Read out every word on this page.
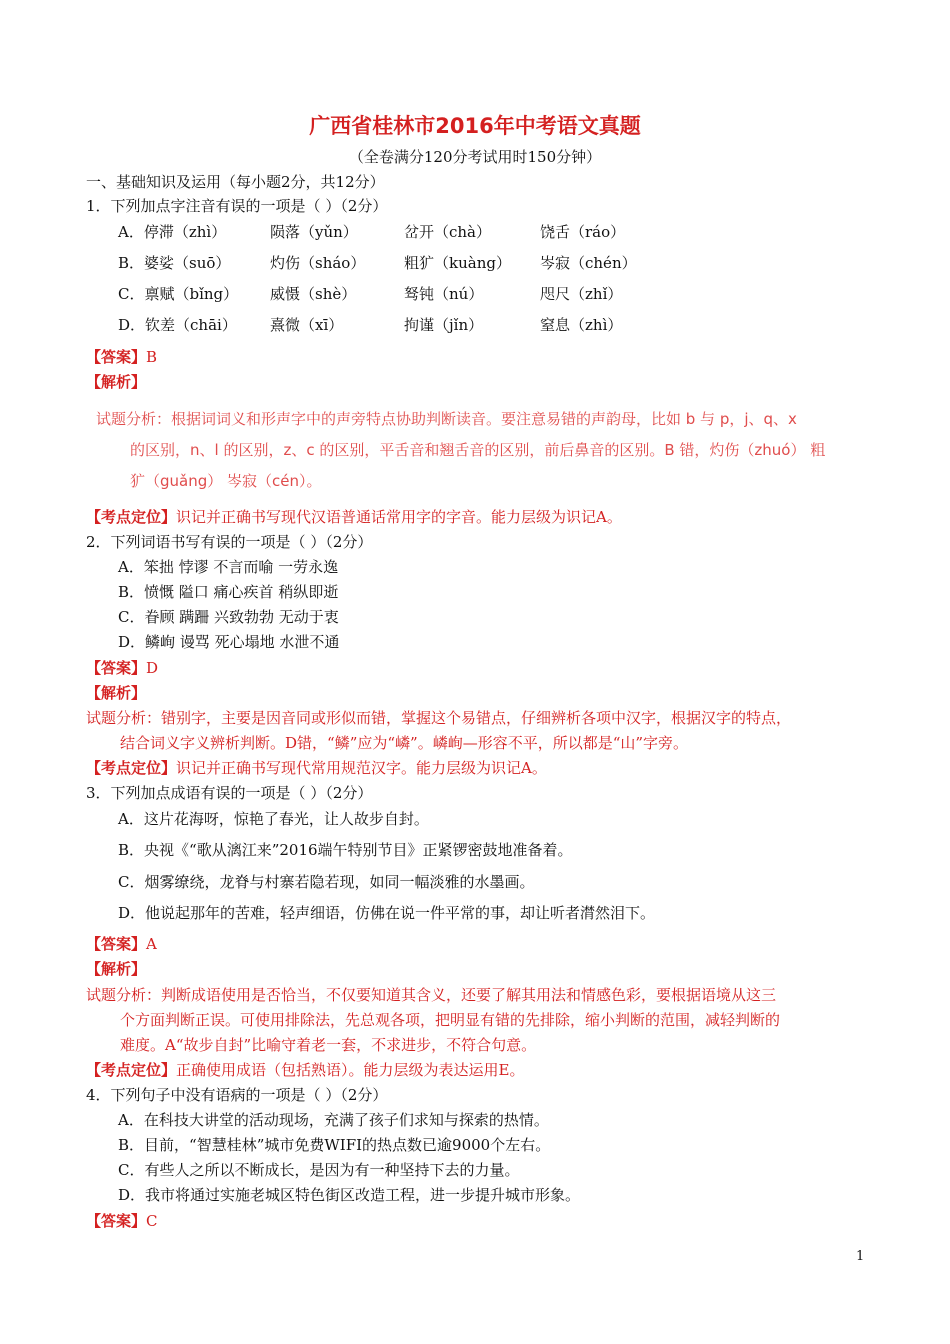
广西省桂林市2016年中考语文真题
（全卷满分120分考试用时150分钟）
一、基础知识及运用（每小题2分，共12分）
1．下列加点字注音有误的一项是（ ）（2分）
A．停滞（zhì）	陨落（yǔn）	岔开（chà）	饶舌（ráo）
B．婆娑（suō）	灼伤（sháo）	粗犷（kuàng） 岑寂（chén）
C．禀赋（bǐng） 威慑（shè）	驽钝（nú）	咫尺（zhǐ）
D．钦差（chāi） 熹微（xī）	拘谨（jǐn）	窒息（zhì）
【答案】B
【解析】
试题分析：根据词词义和形声字中的声旁特点协助判断读音。要注意易错的声韵母，比如 b 与 p，j、q、x
的区别，n、l 的区别，z、c 的区别，平舌音和翘舌音的区别，前后鼻音的区别。B 错，灼伤（zhuó） 粗
犷（guǎng） 岑寂（cén）。
【考点定位】识记并正确书写现代汉语普通话常用字的字音。能力层级为识记A。
2．下列词语书写有误的一项是（ ）（2分）
A．笨拙 悖谬 不言而喻 一劳永逸
B．愤慨 隘口 痛心疾首 稍纵即逝
C．眷顾 蹒跚 兴致勃勃 无动于衷
D．鳞峋 谩骂 死心塌地 水泄不通
【答案】D
【解析】
试题分析：错别字，主要是因音同或形似而错，掌握这个易错点，仔细辨析各项中汉字，根据汉字的特点，
结合词义字义辨析判断。D错，“鳞”应为“嶙”。嶙峋—形容不平，所以都是“山”字旁。
【考点定位】识记并正确书写现代常用规范汉字。能力层级为识记A。
3．下列加点成语有误的一项是（ ）（2分）
A．这片花海呀，惊艳了春光，让人故步自封。
B．央视《“歌从漓江来”2016端午特别节目》正紧锣密鼓地准备着。
C．烟雾缭绕，龙脊与村寨若隐若现，如同一幅淡雅的水墨画。
D．他说起那年的苦难，轻声细语，仿佛在说一件平常的事，却让听者潸然泪下。
【答案】A
【解析】
试题分析：判断成语使用是否恰当，不仅要知道其含义，还要了解其用法和情感色彩，要根据语境从这三
个方面判断正误。可使用排除法，先总观各项，把明显有错的先排除，缩小判断的范围，减轻判断的
难度。A“故步自封”比喻守着老一套，不求进步，不符合句意。
【考点定位】正确使用成语（包括熟语）。能力层级为表达运用E。
4．下列句子中没有语病的一项是（ ）（2分）
A．在科技大讲堂的活动现场，充满了孩子们求知与探索的热情。
B．目前，“智慧桂林”城市免费WIFI的热点数已逾9000个左右。
C．有些人之所以不断成长，是因为有一种坚持下去的力量。
D．我市将通过实施老城区特色街区改造工程，进一步提升城市形象。
【答案】C
1
